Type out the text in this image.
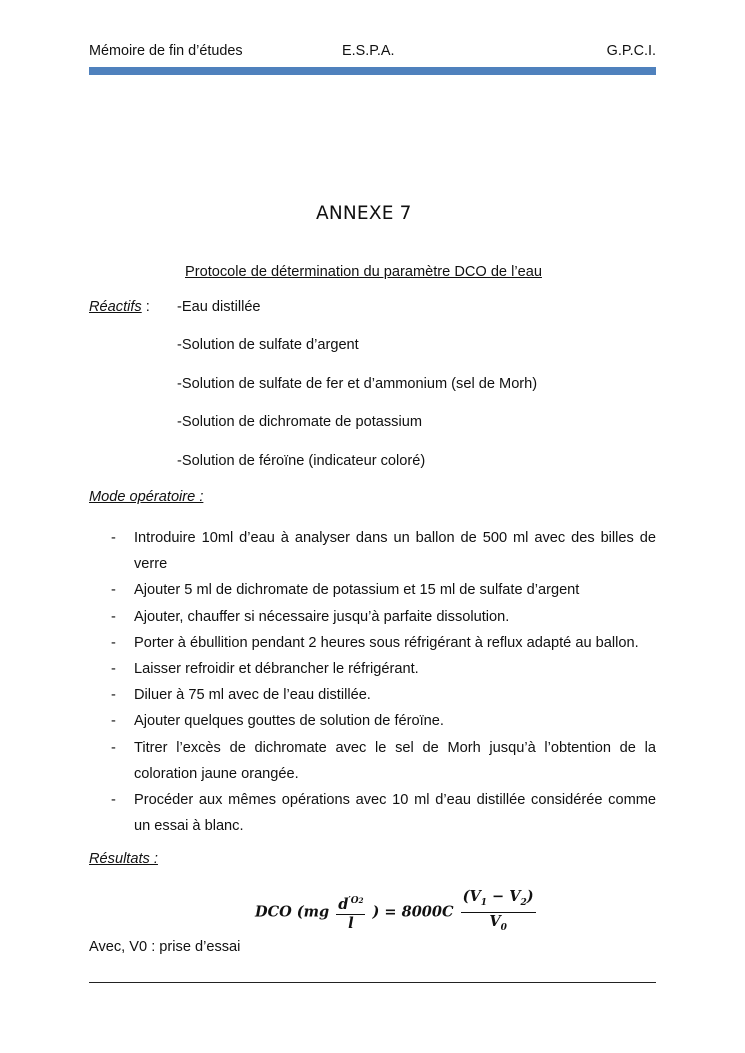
Mémoire de fin d’études	E.S.P.A.	G.P.C.I.
ANNEXE 7
Protocole de détermination du paramètre DCO de l’eau
Réactifs : -Eau distillée
-Solution de sulfate d’argent
-Solution de sulfate de fer et d’ammonium (sel de Morh)
-Solution de dichromate de potassium
-Solution de féroïne (indicateur coloré)
Mode opératoire :
- Introduire 10ml d’eau à analyser dans un ballon de 500 ml avec des billes de verre
- Ajouter 5 ml de dichromate de potassium et 15 ml de sulfate d’argent
- Ajouter, chauffer si nécessaire jusqu’à parfaite dissolution.
- Porter à ébullition pendant 2 heures sous réfrigérant à reflux adapté au ballon.
- Laisser refroidir et débrancher le réfrigérant.
- Diluer à 75 ml avec de l’eau distillée.
- Ajouter quelques gouttes de solution de féroïne.
- Titrer l’excès de dichromate avec le sel de Morh jusqu’à l’obtention de la coloration jaune orangée.
- Procéder aux mêmes opérations avec 10 ml d’eau distillée considérée comme un essai à blanc.
Résultats :
DCO ($mg \frac{d^{'O2}}{l}$ ) = $8000C \frac{(V_1 - V_2)}{V_0}$
Avec, V0 : prise d’essai
